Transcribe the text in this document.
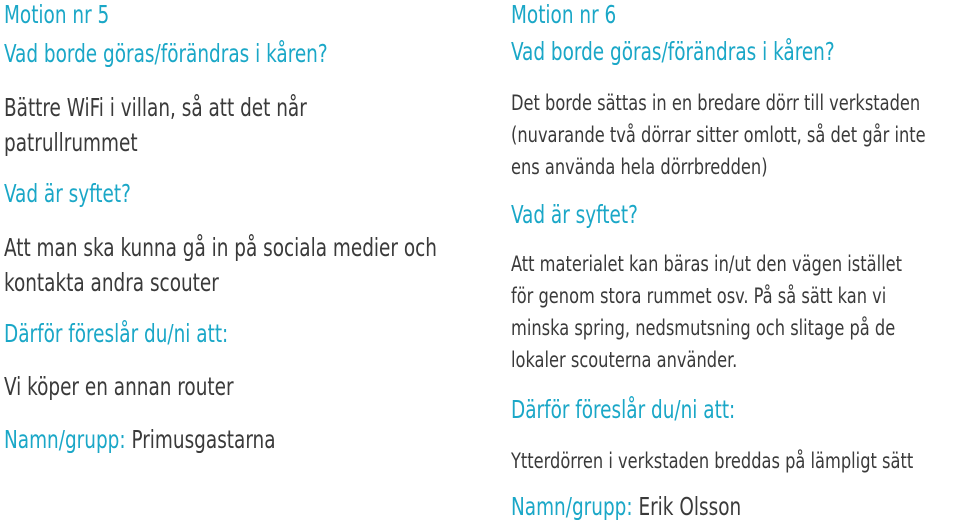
Motion nr 5
Vad borde göras/förändras i kåren?
Bättre WiFi i villan, så att det når
patrullrummet
Vad är syftet?
Att man ska kunna gå in på sociala medier och
kontakta andra scouter
Därför föreslår du/ni att:
Vi köper en annan router
Namn/grupp: Primusgastarna
Motion nr 6
Vad borde göras/förändras i kåren?
Det borde sättas in en bredare dörr till verkstaden
(nuvarande två dörrar sitter omlott, så det går inte
ens använda hela dörrbredden)
Vad är syftet?
Att materialet kan bäras in/ut den vägen istället
för genom stora rummet osv. På så sätt kan vi
minska spring, nedsmutsning och slitage på de
lokaler scouterna använder.
Därför föreslår du/ni att:
Ytterdörren i verkstaden breddas på lämpligt sätt
Namn/grupp: Erik Olsson
